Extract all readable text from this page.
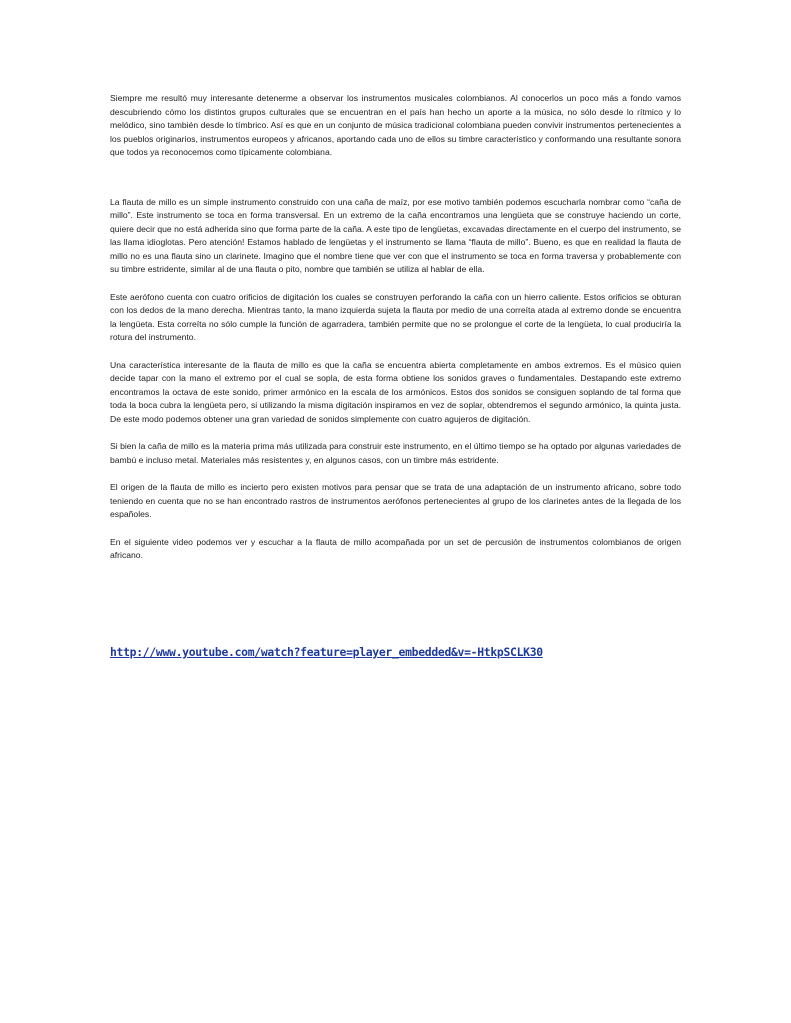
Siempre me resultó muy interesante detenerme a observar los instrumentos musicales colombianos. Al conocerlos un poco más a fondo vamos descubriendo cómo los distintos grupos culturales que se encuentran en el país han hecho un aporte a la música, no sólo desde lo rítmico y lo melódico, sino también desde lo tímbrico. Así es que en un conjunto de música tradicional colombiana pueden convivir instrumentos pertenecientes a los pueblos originarios, instrumentos europeos y africanos, aportando cada uno de ellos su timbre característico y conformando una resultante sonora que todos ya reconocemos como típicamente colombiana.

La flauta de millo es un simple instrumento construido con una caña de maíz, por ese motivo también podemos escucharla nombrar como “caña de millo”. Este instrumento se toca en forma transversal. En un extremo de la caña encontramos una lengüeta que se construye haciendo un corte, quiere decir que no está adherida sino que forma parte de la caña. A este tipo de lengüetas, excavadas directamente en el cuerpo del instrumento, se las llama idioglotas. Pero atención! Estamos hablado de lengüetas y el instrumento se llama “flauta de millo”. Bueno, es que en realidad la flauta de millo no es una flauta sino un clarinete. Imagino que el nombre tiene que ver con que el instrumento se toca en forma traversa y probablemente con su timbre estridente, similar al de una flauta o pito, nombre que también se utiliza al hablar de ella.

Este aerófono cuenta con cuatro orificios de digitación los cuales se construyen perforando la caña con un hierro caliente. Estos orificios se obturan con los dedos de la mano derecha. Mientras tanto, la mano izquierda sujeta la flauta por medio de una correíta atada al extremo donde se encuentra la lengüeta. Esta correíta no sólo cumple la función de agarradera, también permite que no se prolongue el corte de la lengüeta, lo cual produciría la rotura del instrumento.

Una característica interesante de la flauta de millo es que la caña se encuentra abierta completamente en ambos extremos. Es el músico quien decide tapar con la mano el extremo por el cual se sopla, de esta forma obtiene los sonidos graves o fundamentales. Destapando este extremo encontramos la octava de este sonido, primer armónico en la escala de los armónicos. Estos dos sonidos se consiguen soplando de tal forma que toda la boca cubra la lengüeta pero, si utilizando la misma digitación inspiramos en vez de soplar, obtendremos el segundo armónico, la quinta justa. De este modo podemos obtener una gran variedad de sonidos simplemente con cuatro agujeros de digitación.

Si bien la caña de millo es la materia prima más utilizada para construir este instrumento, en el último tiempo se ha optado por algunas variedades de bambú e incluso metal. Materiales más resistentes y, en algunos casos, con un timbre más estridente.

El origen de la flauta de millo es incierto pero existen motivos para pensar que se trata de una adaptación de un instrumento africano, sobre todo teniendo en cuenta que no se han encontrado rastros de instrumentos aerófonos pertenecientes al grupo de los clarinetes antes de la llegada de los españoles.

En el siguiente video podemos ver y escuchar a la flauta de millo acompañada por un set de percusión de instrumentos colombianos de origen africano.

http://www.youtube.com/watch?feature=player_embedded&v=-HtkpSCLK30
